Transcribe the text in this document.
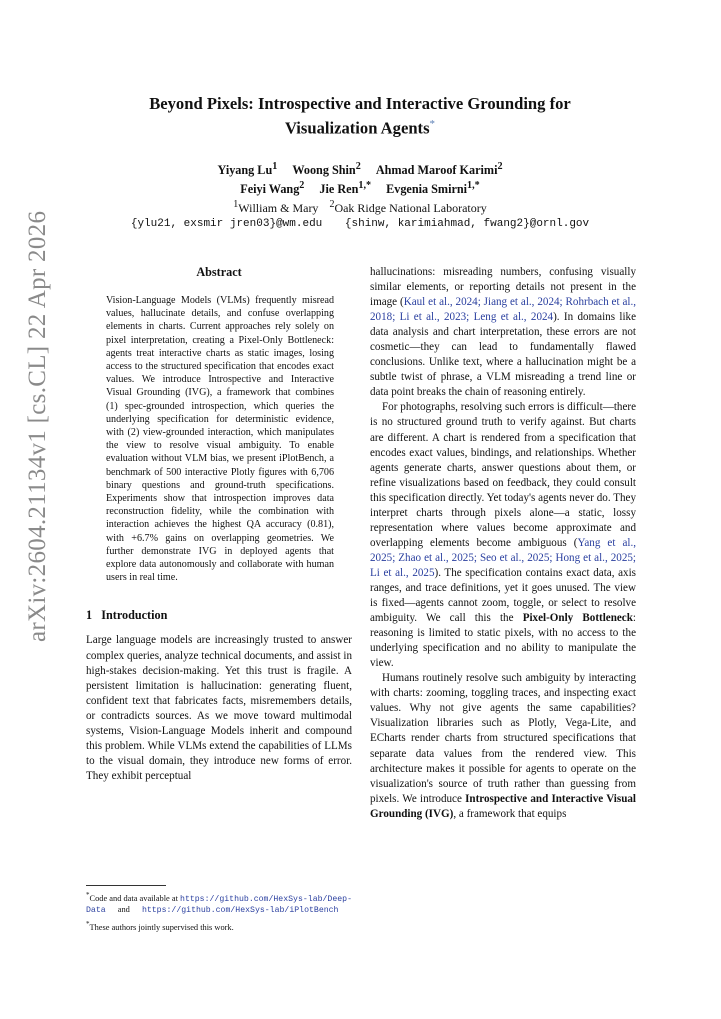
arXiv:2604.21134v1 [cs.CL] 22 Apr 2026

Beyond Pixels: Introspective and Interactive Grounding for
Visualization Agents*

Yiyang Lu$^1$ Woong Shin$^2$ Ahmad Maroof Karimi$^2$
Feiyi Wang$^2$ Jie Ren$^{1,*}$ Evgenia Smirni$^{1,*}$
$^1$William & Mary $^2$Oak Ridge National Laboratory
{ylu21, exsmir jren03}@wm.edu {shinw, karimiahmad, fwang2}@ornl.gov
Abstract

Vision-Language Models (VLMs) frequently misread values, hallucinate details, and confuse overlapping elements in charts. Current approaches rely solely on pixel interpretation, creating a Pixel-Only Bottleneck: agents treat interactive charts as static images, losing access to the structured specification that encodes exact values. We introduce Introspective and Interactive Visual Grounding (IVG), a framework that combines (1) spec-grounded introspection, which queries the underlying specification for deterministic evidence, with (2) view-grounded interaction, which manipulates the view to resolve visual ambiguity. To enable evaluation without VLM bias, we present iPlotBench, a benchmark of 500 interactive Plotly figures with 6,706 binary questions and ground-truth specifications. Experiments show that introspection improves data reconstruction fidelity, while the combination with interaction achieves the highest QA accuracy (0.81), with +6.7% gains on overlapping geometries. We further demonstrate IVG in deployed agents that explore data autonomously and collaborate with human users in real time.

1 Introduction

Large language models are increasingly trusted to answer complex queries, analyze technical documents, and assist in high-stakes decision-making. Yet this trust is fragile. A persistent limitation is hallucination: generating fluent, confident text that fabricates facts, misremembers details, or contradicts sources. As we move toward multimodal systems, Vision-Language Models inherit and compound this problem. While VLMs extend the capabilities of LLMs to the visual domain, they introduce new forms of error. They exhibit perceptual

hallucinations: misreading numbers, confusing visually similar elements, or reporting details not present in the image (Kaul et al., 2024; Jiang et al., 2024; Rohrbach et al., 2018; Li et al., 2023; Leng et al., 2024). In domains like data analysis and chart interpretation, these errors are not cosmetic—they can lead to fundamentally flawed conclusions. Unlike text, where a hallucination might be a subtle twist of phrase, a VLM misreading a trend line or data point breaks the chain of reasoning entirely.

For photographs, resolving such errors is difficult—there is no structured ground truth to verify against. But charts are different. A chart is rendered from a specification that encodes exact values, bindings, and relationships. Whether agents generate charts, answer questions about them, or refine visualizations based on feedback, they could consult this specification directly. Yet today's agents never do. They interpret charts through pixels alone—a static, lossy representation where values become approximate and overlapping elements become ambiguous (Yang et al., 2025; Zhao et al., 2025; Seo et al., 2025; Hong et al., 2025; Li et al., 2025). The specification contains exact data, axis ranges, and trace definitions, yet it goes unused. The view is fixed—agents cannot zoom, toggle, or select to resolve ambiguity. We call this the Pixel-Only Bottleneck: reasoning is limited to static pixels, with no access to the underlying specification and no ability to manipulate the view.

Humans routinely resolve such ambiguity by interacting with charts: zooming, toggling traces, and inspecting exact values. Why not give agents the same capabilities? Visualization libraries such as Plotly, Vega-Lite, and ECharts render charts from structured specifications that separate data values from the rendered view. This architecture makes it possible for agents to operate on the visualization's source of truth rather than guessing from pixels. We introduce Introspective and Interactive Visual Grounding (IVG), a framework that equips

*Code and data available at https://github.com/HexSys-lab/Deep-Data and https://github.com/HexSys-lab/iPlotBench

*These authors jointly supervised this work.
